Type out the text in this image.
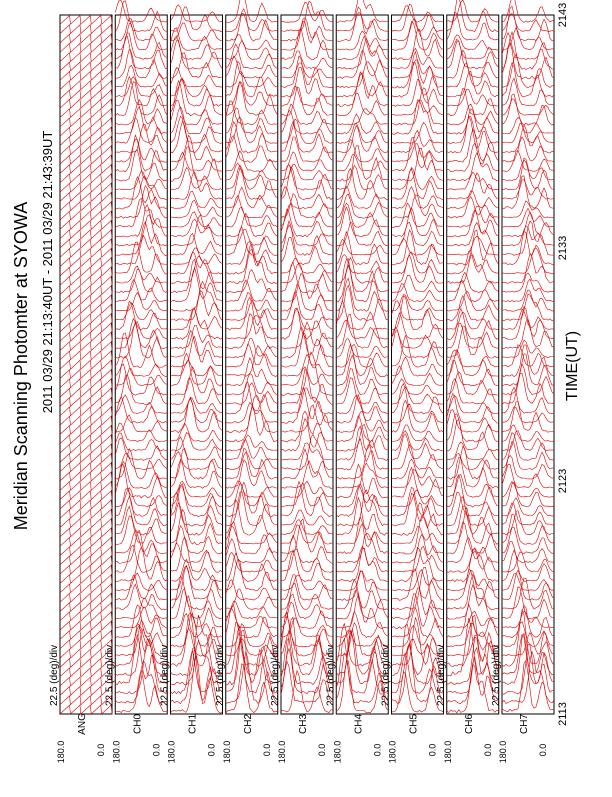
Meridian Scanning Photomter at SYOWA 2011 03/29 21:13:40UT - 2011 03/29 21:43:39UT	TIME(UT)
180.0	0.0
ANG
22.5 (deg)/div
180.0	0.0
CH0
22.5 (deg)/div
180.0	0.0
CH1
22.5 (deg)/div
180.0	0.0
CH2
22.5 (deg)/div
180.0	0.0
CH3
22.5 (deg)/div
180.0	0.0
CH4
22.5 (deg)/div
180.0	0.0
CH5
22.5 (deg)/div
180.0	0.0
CH6
22.5 (deg)/div
180.0	0.0
CH7
22.5 (deg)/div
2113
2123
2133
2143
